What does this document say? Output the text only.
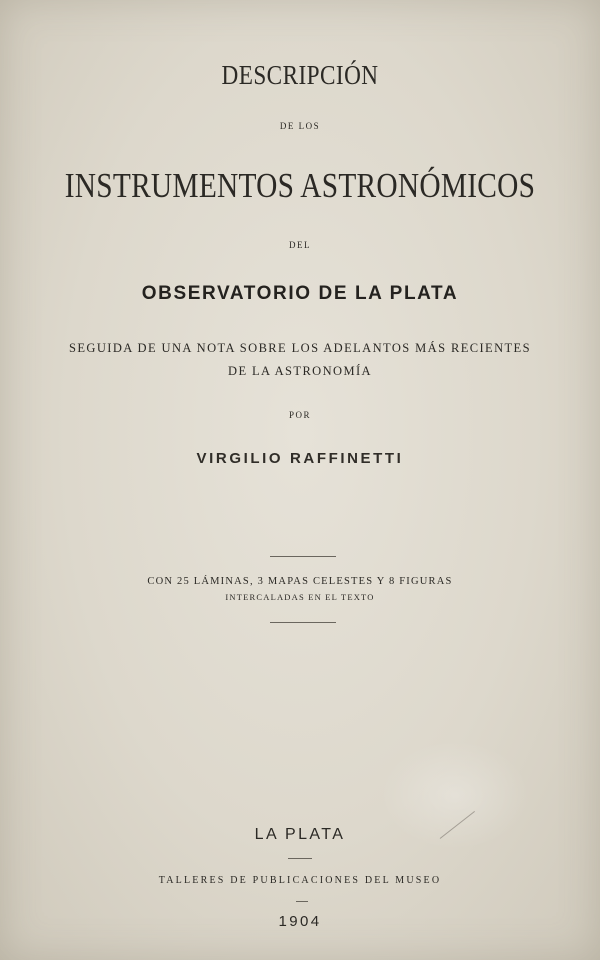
DESCRIPCIÓN

DE LOS

INSTRUMENTOS ASTRONÓMICOS

DEL

OBSERVATORIO DE LA PLATA

SEGUIDA DE UNA NOTA SOBRE LOS ADELANTOS MÁS RECIENTES

DE LA ASTRONOMÍA

POR

VIRGILIO RAFFINETTI

CON 25 LÁMINAS, 3 MAPAS CELESTES Y 8 FIGURAS

INTERCALADAS EN EL TEXTO

LA PLATA

TALLERES DE PUBLICACIONES DEL MUSEO

1904
